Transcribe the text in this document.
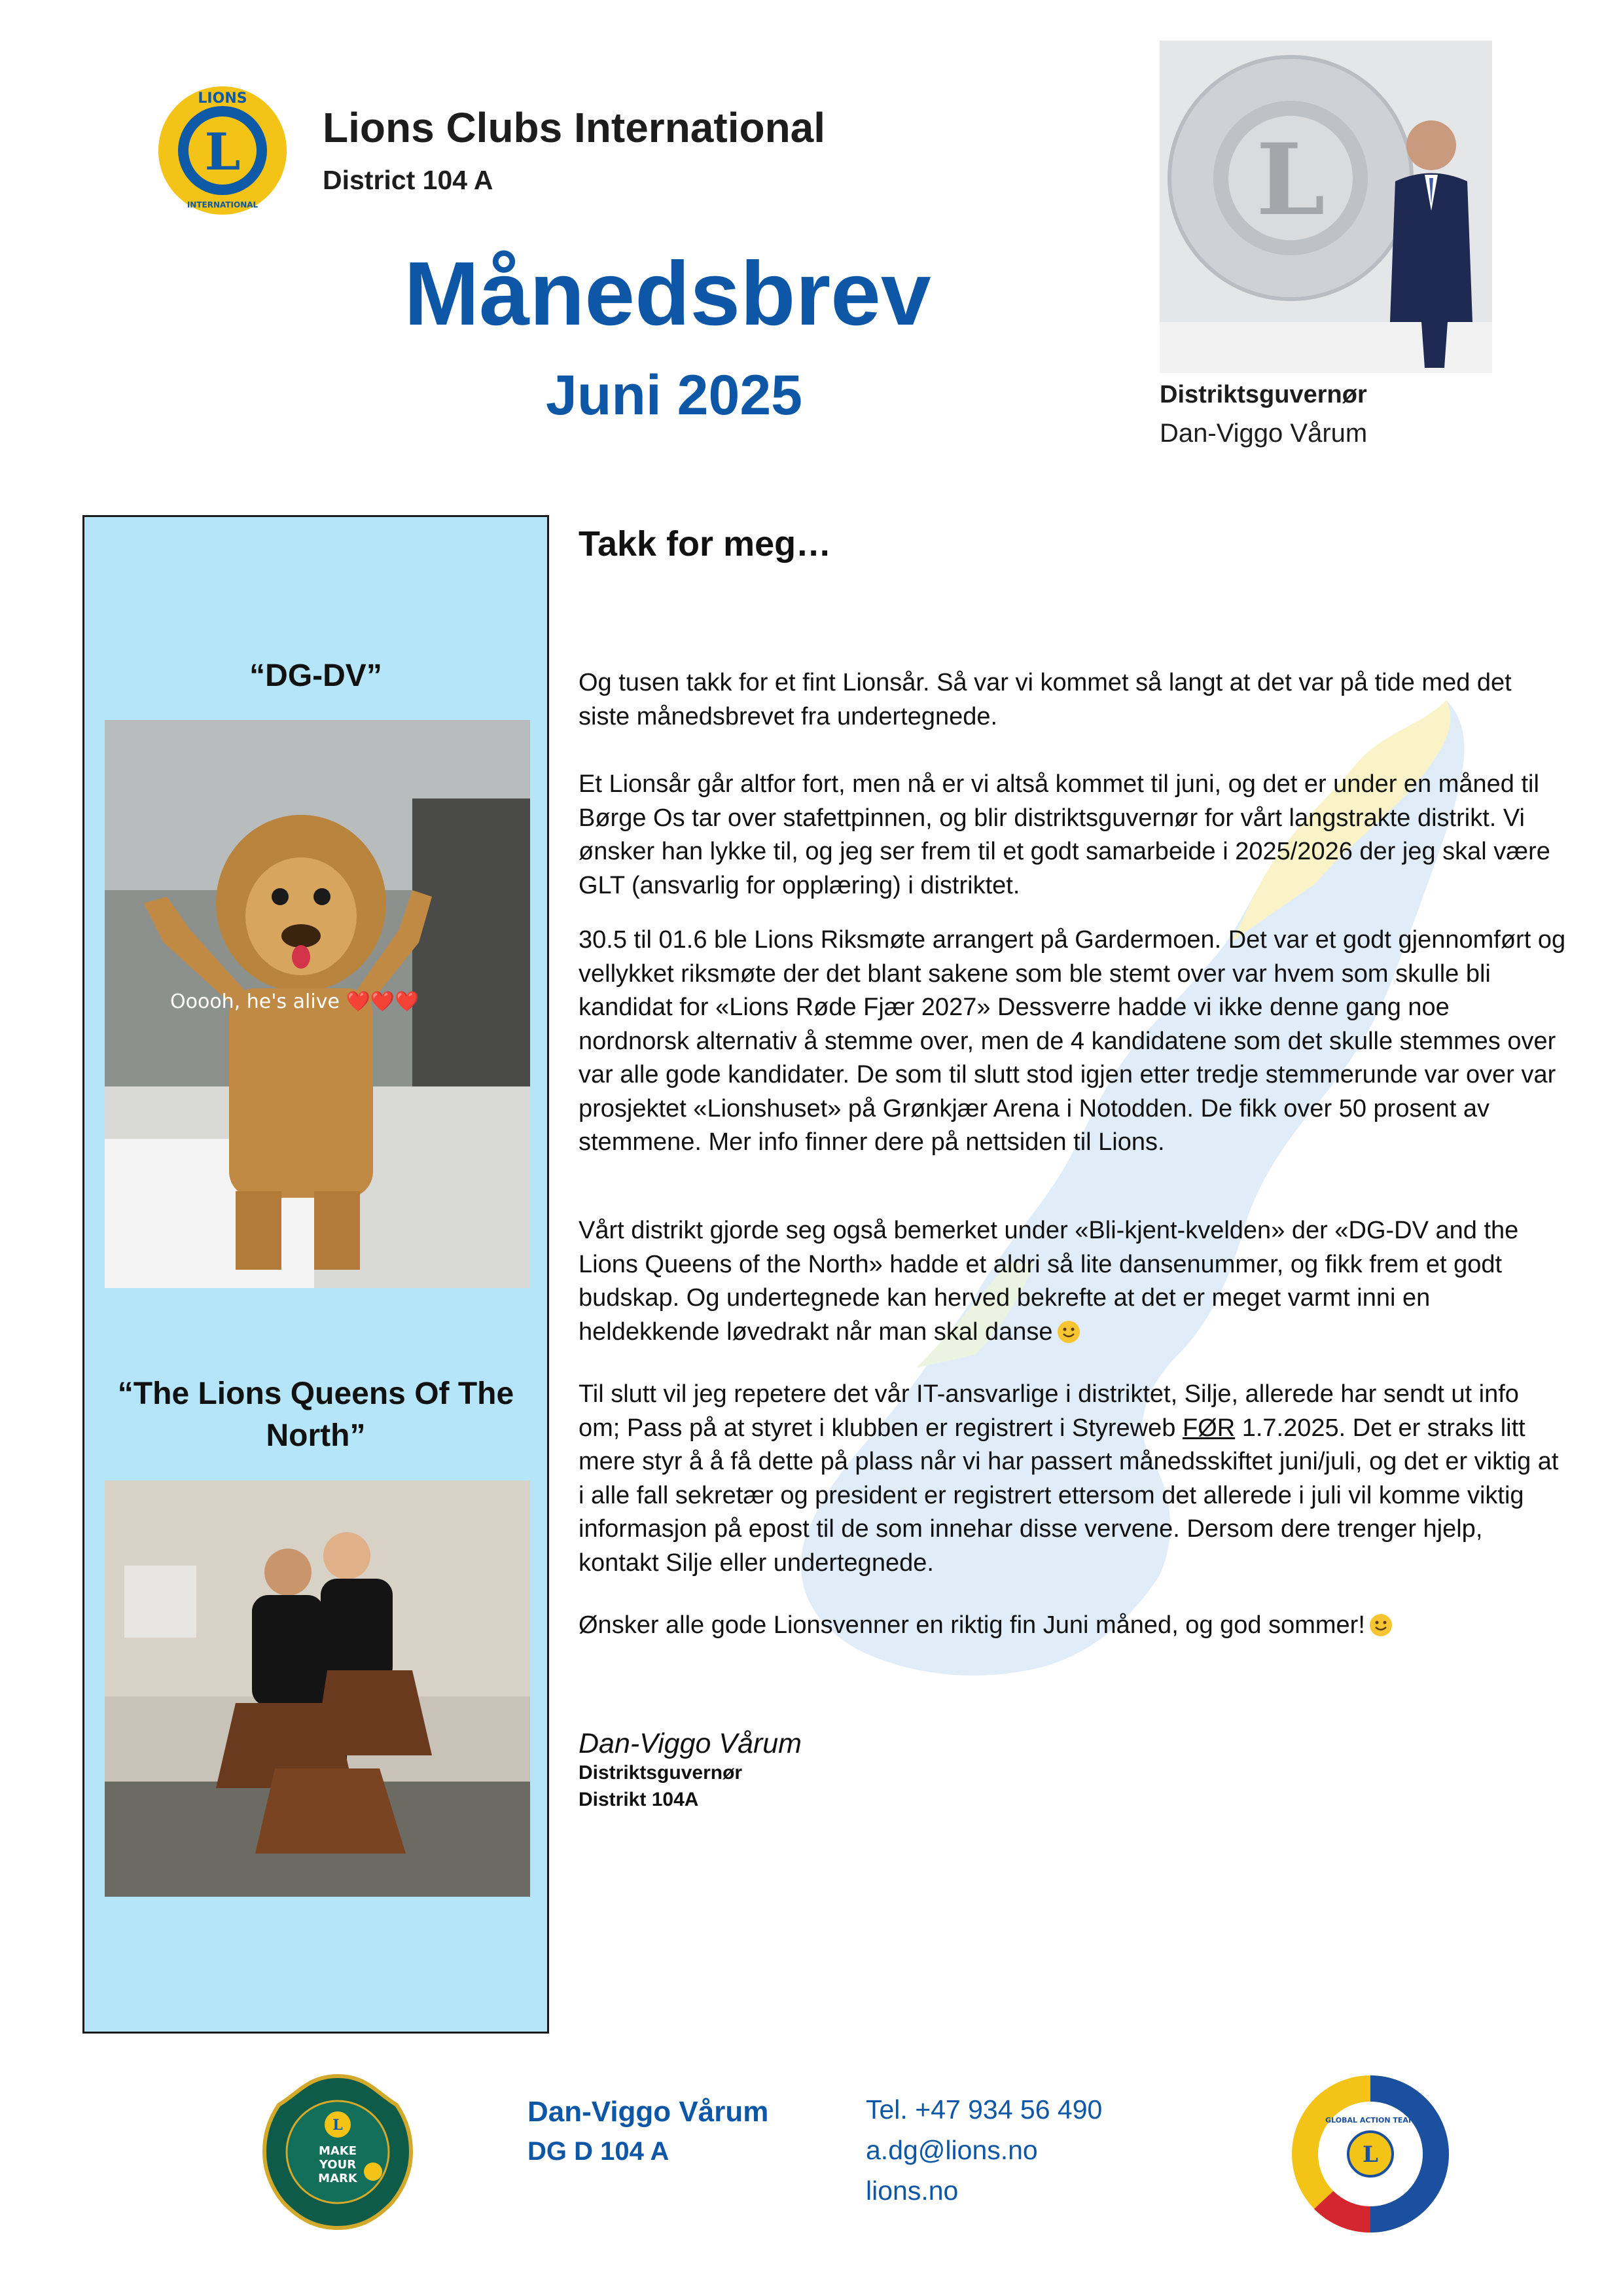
L
LIONS
INTERNATIONAL
Lions Clubs International
District 104 A
Månedsbrev
Juni 2025
L
Distriktsguvernør
Dan-Viggo Vårum
“DG-DV”
Ooooh, he's alive ❤️❤️❤️
“The Lions Queens Of The North”
Takk for meg…
Og tusen takk for et fint Lionsår. Så var vi kommet så langt at det var på tide med det siste månedsbrevet fra undertegnede.
Et Lionsår går altfor fort, men nå er vi altså kommet til juni, og det er under en måned til Børge Os tar over stafettpinnen, og blir distriktsguvernør for vårt langstrakte distrikt. Vi ønsker han lykke til, og jeg ser frem til et godt samarbeide i 2025/2026 der jeg skal være GLT (ansvarlig for opplæring) i distriktet.
30.5 til 01.6 ble Lions Riksmøte arrangert på Gardermoen. Det var et godt gjennomført og vellykket riksmøte der det blant sakene som ble stemt over var hvem som skulle bli kandidat for «Lions Røde Fjær 2027» Dessverre hadde vi ikke denne gang noe nordnorsk alternativ å stemme over, men de 4 kandidatene som det skulle stemmes over var alle gode kandidater. De som til slutt stod igjen etter tredje stemmerunde var over var prosjektet «Lionshuset» på Grønkjær Arena i Notodden. De fikk over 50 prosent av stemmene. Mer info finner dere på nettsiden til Lions.
Vårt distrikt gjorde seg også bemerket under «Bli-kjent-kvelden» der «DG-DV and the Lions Queens of the North» hadde et aldri så lite dansenummer, og fikk frem et godt budskap. Og undertegnede kan herved bekrefte at det er meget varmt inni en heldekkende løvedrakt når man skal danse
Til slutt vil jeg repetere det vår IT-ansvarlige i distriktet, Silje, allerede har sendt ut info om; Pass på at styret i klubben er registrert i Styreweb FØR 1.7.2025. Det er straks litt mere styr å å få dette på plass når vi har passert månedsskiftet juni/juli, og det er viktig at i alle fall sekretær og president er registrert ettersom det allerede i juli vil komme viktig informasjon på epost til de som innehar disse vervene. Dersom dere trenger hjelp, kontakt Silje eller undertegnede.
Ønsker alle gode Lionsvenner en riktig fin Juni måned, og god sommer!
Dan-Viggo Vårum
Distriktsguvernør
Distrikt 104A
L
MAKE
YOUR
MARK
Dan-Viggo Vårum
DG D 104 A
Tel. +47 934 56 490
a.dg@lions.no
lions.no
L
GLOBAL ACTION TEAM
